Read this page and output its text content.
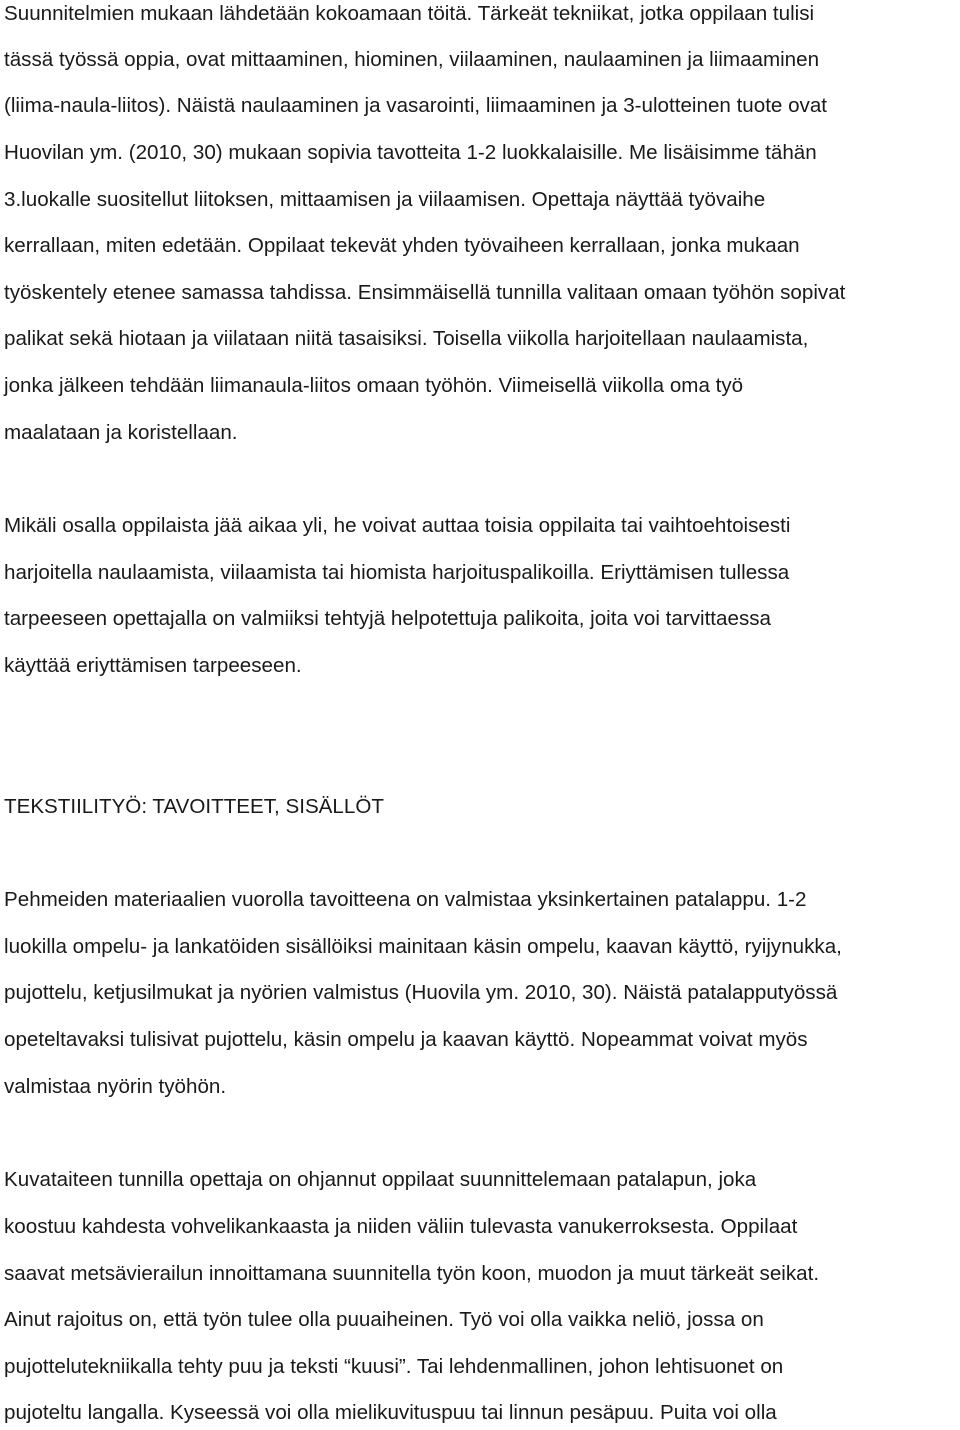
Suunnitelmien mukaan lähdetään kokoamaan töitä. Tärkeät tekniikat, jotka oppilaan tulisi
tässä työssä oppia, ovat mittaaminen, hiominen, viilaaminen, naulaaminen ja liimaaminen
(liima-naula-liitos). Näistä naulaaminen ja vasarointi, liimaaminen ja 3-ulotteinen tuote ovat
Huovilan ym. (2010, 30) mukaan sopivia tavotteita 1-2 luokkalaisille. Me lisäisimme tähän
3.luokalle suositellut liitoksen, mittaamisen ja viilaamisen. Opettaja näyttää työvaihe
kerrallaan, miten edetään. Oppilaat tekevät yhden työvaiheen kerrallaan, jonka mukaan
työskentely etenee samassa tahdissa. Ensimmäisellä tunnilla valitaan omaan työhön sopivat
palikat sekä hiotaan ja viilataan niitä tasaisiksi. Toisella viikolla harjoitellaan naulaamista,
jonka jälkeen tehdään liimanaula-liitos omaan työhön. Viimeisellä viikolla oma työ
maalataan ja koristellaan.
Mikäli osalla oppilaista jää aikaa yli, he voivat auttaa toisia oppilaita tai vaihtoehtoisesti
harjoitella naulaamista, viilaamista tai hiomista harjoituspalikoilla. Eriyttämisen tullessa
tarpeeseen opettajalla on valmiiksi tehtyjä helpotettuja palikoita, joita voi tarvittaessa
käyttää eriyttämisen tarpeeseen.
TEKSTIILITYÖ: TAVOITTEET, SISÄLLÖT
Pehmeiden materiaalien vuorolla tavoitteena on valmistaa yksinkertainen patalappu. 1-2
luokilla ompelu- ja lankatöiden sisällöiksi mainitaan käsin ompelu, kaavan käyttö, ryijynukka,
pujottelu, ketjusilmukat ja nyörien valmistus (Huovila ym. 2010, 30). Näistä patalapputyössä
opeteltavaksi tulisivat pujottelu, käsin ompelu ja kaavan käyttö. Nopeammat voivat myös
valmistaa nyörin työhön.
Kuvataiteen tunnilla opettaja on ohjannut oppilaat suunnittelemaan patalapun, joka
koostuu kahdesta vohvelikankaasta ja niiden väliin tulevasta vanukerroksesta. Oppilaat
saavat metsävierailun innoittamana suunnitella työn koon, muodon ja muut tärkeät seikat.
Ainut rajoitus on, että työn tulee olla puuaiheinen. Työ voi olla vaikka neliö, jossa on
pujottelutekniikalla tehty puu ja teksti “kuusi”. Tai lehdenmallinen, johon lehtisuonet on
pujoteltu langalla. Kyseessä voi olla mielikuvituspuu tai linnun pesäpuu. Puita voi olla
